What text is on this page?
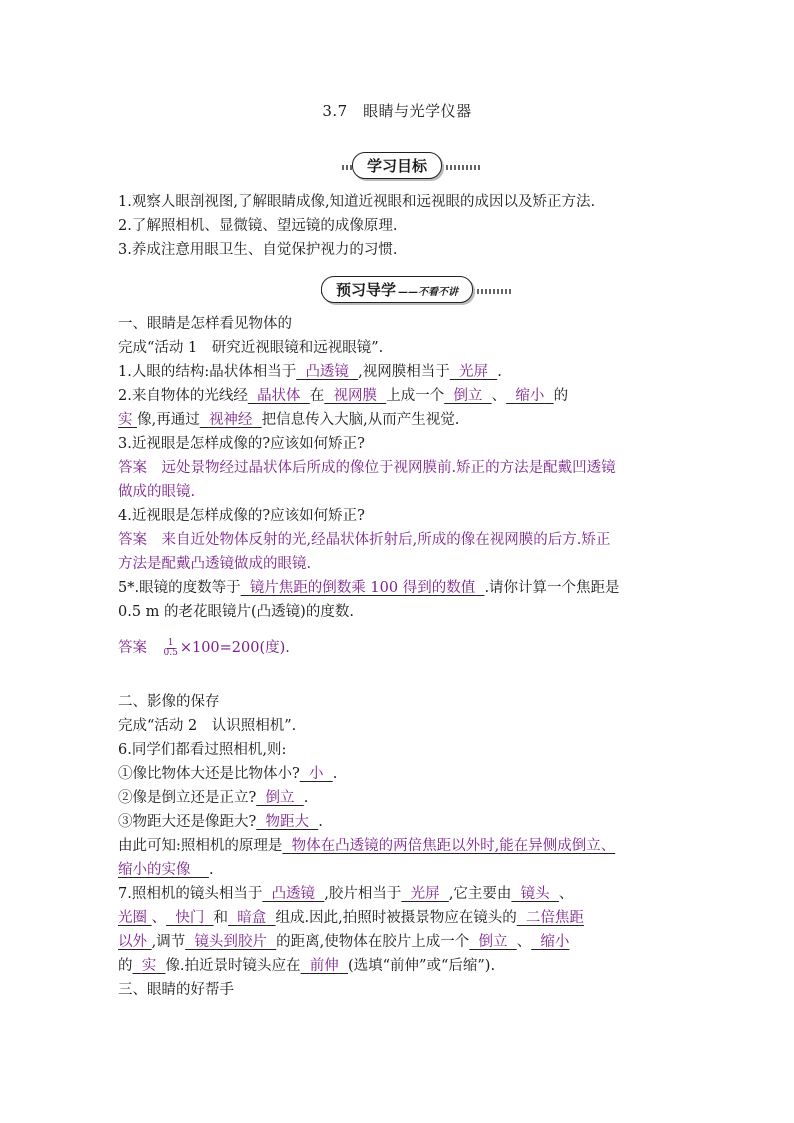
3.7　眼睛与光学仪器
学习目标
1.观察人眼剖视图,了解眼睛成像,知道近视眼和远视眼的成因以及矫正方法.
2.了解照相机、显微镜、望远镜的成像原理.
3.养成注意用眼卫生、自觉保护视力的习惯.
预习导学 ——不看不讲
一、眼睛是怎样看见物体的
完成“活动 1　研究近视眼镜和远视眼镜”.
1.人眼的结构:晶状体相当于 凸透镜 ,视网膜相当于 光屏 .
2.来自物体的光线经 晶状体 在 视网膜 上成一个 倒立 、 缩小 的
实 像,再通过 视神经 把信息传入大脑,从而产生视觉.
3.近视眼是怎样成像的?应该如何矫正?
答案　 远处景物经过晶状体后所成的像位于视网膜前.矫正的方法是配戴凹透镜
做成的眼镜.
4.近视眼是怎样成像的?应该如何矫正?
答案　 来自近处物体反射的光,经晶状体折射后,所成的像在视网膜的后方.矫正
方法是配戴凸透镜做成的眼镜.
5*.眼镜的度数等于 镜片焦距的倒数乘 100 得到的数值 .请你计算一个焦距是
0.5 m 的老花眼镜片(凸透镜)的度数.
答案　 $\frac{1}{0.5} \times 100=200$(度).
二、影像的保存
完成“活动 2　认识照相机”.
6.同学们都看过照相机,则:
①像比物体大还是比物体小? 小 .
②像是倒立还是正立? 倒立 .
③物距大还是像距大? 物距大 .
由此可知:照相机的原理是 物体在凸透镜的两倍焦距以外时,能在异侧成倒立、
缩小的实像 .
7.照相机的镜头相当于 凸透镜 ,胶片相当于 光屏 ,它主要由 镜头 、
光圈 、 快门 和 暗盒 组成.因此,拍照时被摄景物应在镜头的 二倍焦距
以外 ,调节 镜头到胶片 的距离,使物体在胶片上成一个 倒立 、 缩小
的 实 像.拍近景时镜头应在 前伸 (选填“前伸”或“后缩”).
三、眼睛的好帮手
